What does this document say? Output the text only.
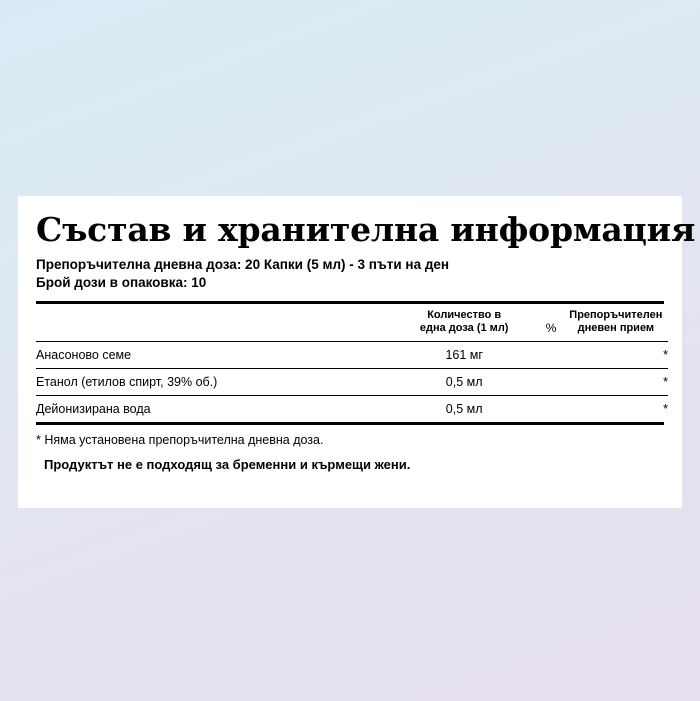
Състав и хранителна информация
Препоръчителна дневна доза: 20 Капки (5 мл) - 3 пъти на ден
Брой дози в опаковка: 10
	Количество в
една доза (1 мл)	%	Препоръчителен
дневен прием
Анасоново семе	161 мг		*
Етанол (етилов спирт, 39% об.)	0,5 мл		*
Дейонизирана вода	0,5 мл		*
* Няма установена препоръчителна дневна доза.
Продуктът не е подходящ за бременни и кърмещи жени.
